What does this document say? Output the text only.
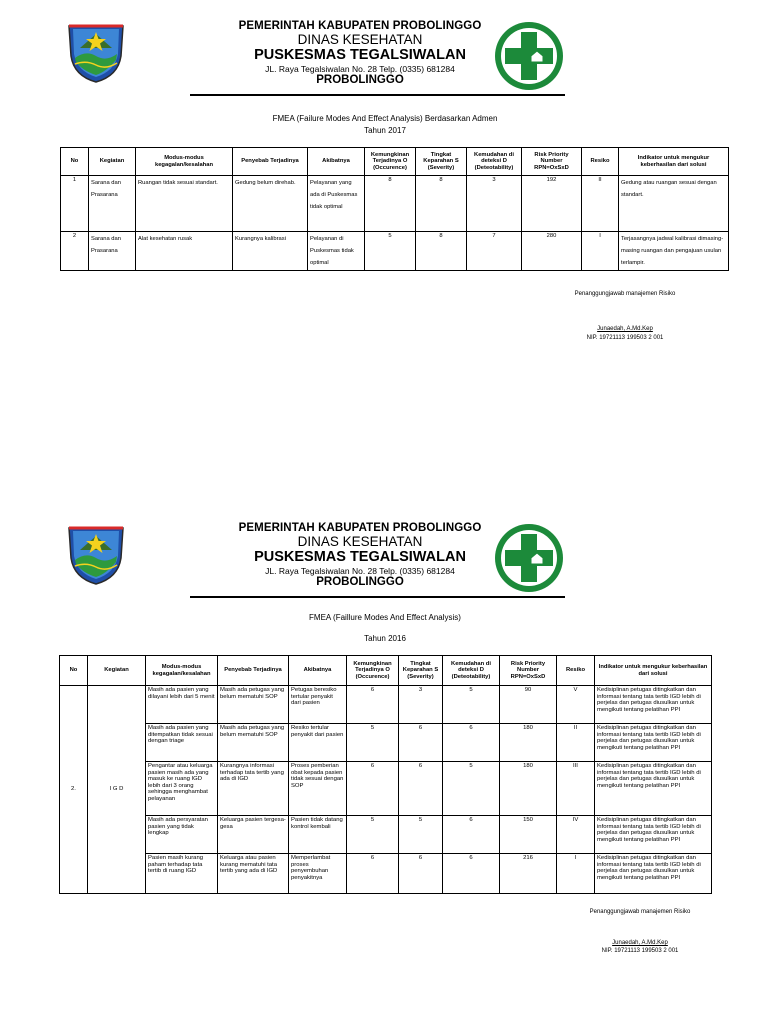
PEMERINTAH KABUPATEN PROBOLINGGO
DINAS KESEHATAN
PUSKESMAS TEGALSIWALAN
JL. Raya Tegalsiwalan No. 28 Telp. (0335) 681284
PROBOLINGGO
FMEA (Failure Modes And Effect Analysis) Berdasarkan Admen
Tahun 2017
No	Kegiatan	Modus-modus kegagalan/kesalahan	Penyebab Terjadinya	Akibatnya	Kemungkinan Terjadinya O (Occurence)	Tingkat Keparahan S (Severity)	Kemudahan di deteksi D (Deteotability)	Risk Priority Number RPN=OxSxD	Resiko	Indikator untuk mengukur keberhasilan dari solusi
1	Sarana dan Prasarana	Ruangan tidak sesuai standart.	Gedung belum direhab.	Pelayanan yang ada di Puskesmas tidak optimal	8	8	3	192	II	Gedung atau ruangan sesuai dengan standart.
2	Sarana dan Prasarana	Alat kesehatan rusak	Kurangnya kalibrasi	Pelayanan di Puskesmas tidak optimal	5	8	7	280	I	Terjasangnya jadwal kalibrasi dimasing-masing ruangan dan pengajuan usulan terlampir.
Penanggungjawab manajemen Risiko
Junaedah, A.Md.Kep
NIP. 19721113 199503 2 001
PEMERINTAH KABUPATEN PROBOLINGGO
DINAS KESEHATAN
PUSKESMAS TEGALSIWALAN
JL. Raya Tegalsiwalan No. 28 Telp. (0335) 681284
PROBOLINGGO
FMEA (Faillure Modes And Effect Analysis)
Tahun 2016
No	Kegiatan	Modus-modus kegagalan/kesalahan	Penyebab Terjadinya	Akibatnya	Kemungkinan Terjadinya O (Occurence)	Tingkat Keparahan S (Severity)	Kemudahan di deteksi D (Deteotability)	Risk Priority Number RPN=OxSxD	Resiko	Indikator untuk mengukur keberhasilan dari solusi
2.	I G D	Masih ada pasien yang dilayani lebih dari 5 menit	Masih ada petugas yang belum mematuhi SOP	Petugas beresiko tertular penyakit dari pasien	6	3	5	90	V	Kedisiplinan petugas ditingkatkan dan informasi tentang tata tertib IGD lebih di perjelas dan petugas diusulkan untuk mengikuti tentang pelatihan PPI
		Masih ada pasien yang ditempatkan tidak sesuai dengan triage	Masih ada petugas yang belum mematuhi SOP	Resiko tertular penyakit dari pasien	5	6	6	180	II	Kedisiplinan petugas ditingkatkan dan informasi tentang tata tertib IGD lebih di perjelas dan petugas diusulkan untuk mengikuti tentang pelatihan PPI
		Pengantar atau keluarga pasien masih ada yang masuk ke ruang IGD lebih dari 3 orang sehingga menghambat pelayanan	Kurangnya informasi terhadap tata tertib yang ada di IGD	Proses pemberian obat kepada pasien tidak sesuai dengan SOP	6	6	5	180	III	Kedisiplinan petugas ditingkatkan dan informasi tentang tata tertib IGD lebih di perjelas dan petugas diusulkan untuk mengikuti tentang pelatihan PPI
		Masih ada persyaratan pasien yang tidak lengkap	Keluarga pasien tergesa-gesa	Pasien tidak datang kontrol kembali	5	5	6	150	IV	Kedisiplinan petugas ditingkatkan dan informasi tentang tata tertib IGD lebih di perjelas dan petugas diusulkan untuk mengikuti tentang pelatihan PPI
		Pasien masih kurang paham terhadap tata tertib di ruang IGD	Keluarga atau pasien kurang mematuhi tata tertib yang ada di IGD	Memperlambat proses penyembuhan penyakitnya	6	6	6	216	I	Kedisiplinan petugas ditingkatkan dan informasi tentang tata tertib IGD lebih di perjelas dan petugas diusulkan untuk mengikuti tentang pelatihan PPI
Penanggungjawab manajemen Risiko
Junaedah, A.Md.Kep
NIP. 19721113 199503 2 001
